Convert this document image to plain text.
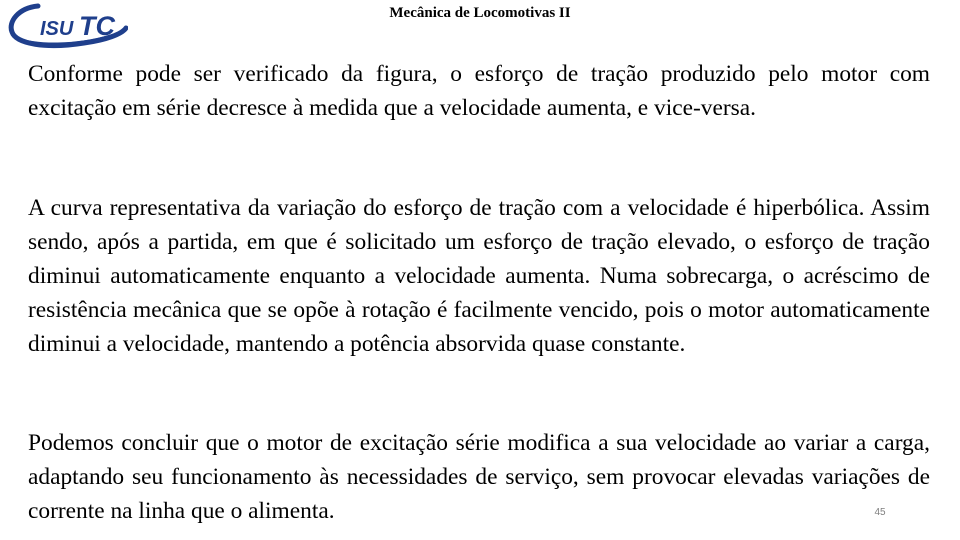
ISU TC	Mecânica de Locomotivas II

Conforme pode ser verificado da figura, o esforço de tração produzido pelo motor com excitação em série decresce à medida que a velocidade aumenta, e vice-versa.

A curva representativa da variação do esforço de tração com a velocidade é hiperbólica. Assim sendo, após a partida, em que é solicitado um esforço de tração elevado, o esforço de tração diminui automaticamente enquanto a velocidade aumenta. Numa sobrecarga, o acréscimo de resistência mecânica que se opõe à rotação é facilmente vencido, pois o motor automaticamente diminui a velocidade, mantendo a potência absorvida quase constante.

Podemos concluir que o motor de excitação série modifica a sua velocidade ao variar a carga, adaptando seu funcionamento às necessidades de serviço, sem provocar elevadas variações de corrente na linha que o alimenta.	45
